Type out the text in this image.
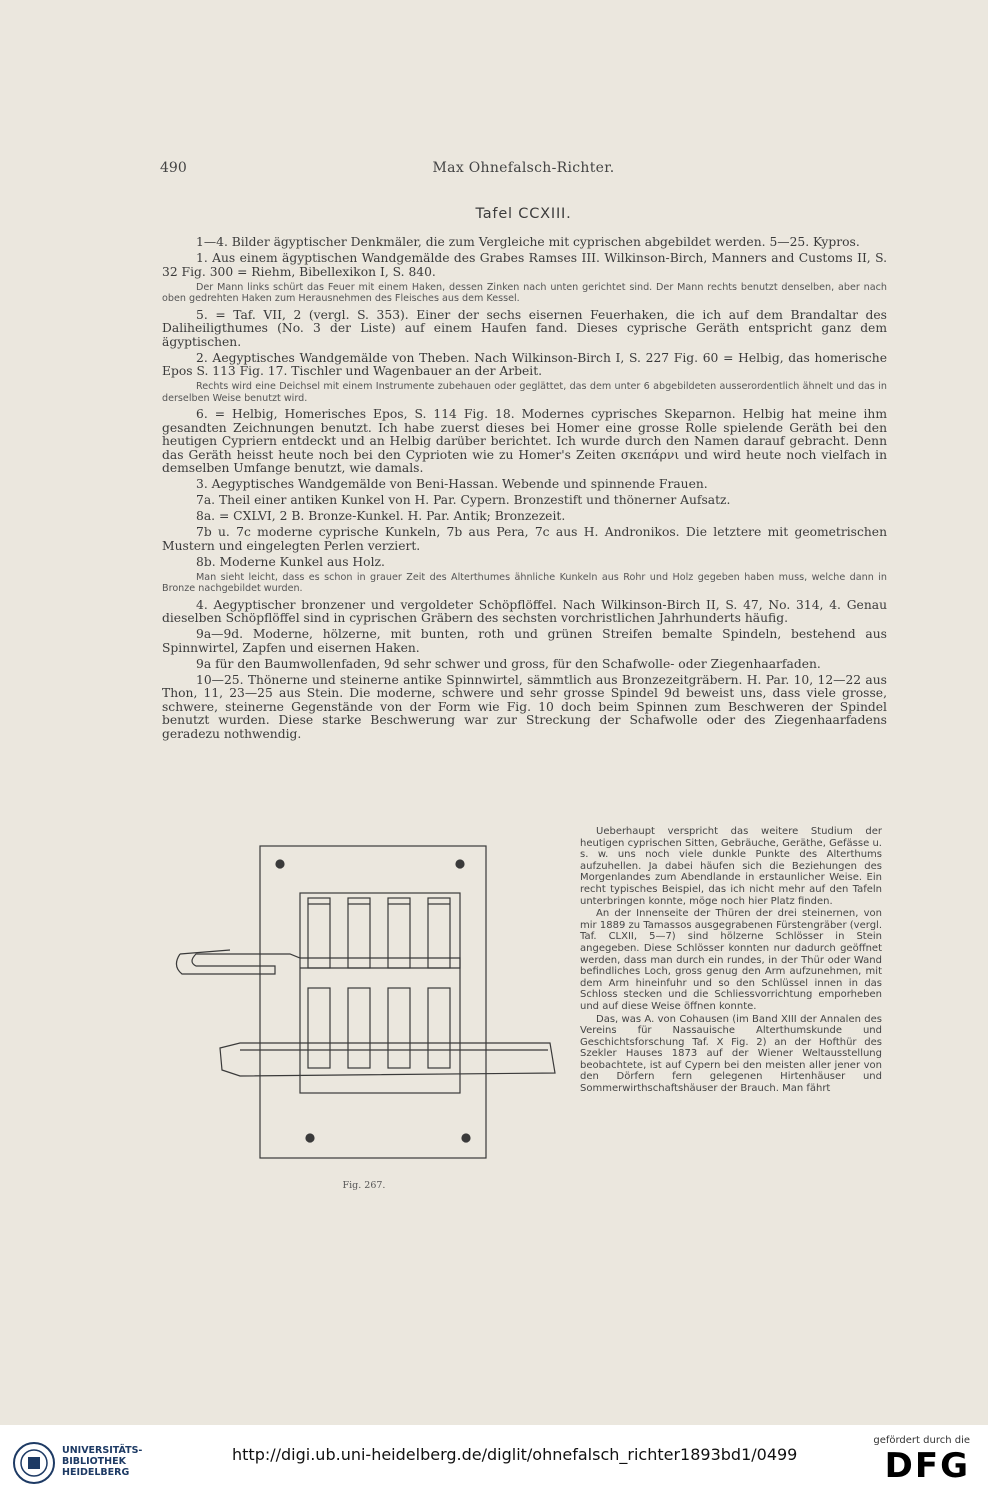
490	Max Ohnefalsch-Richter.
Tafel CCXIII.

1—4. Bilder ägyptischer Denkmäler, die zum Vergleiche mit cyprischen abgebildet werden. 5—25. Kypros.

1. Aus einem ägyptischen Wandgemälde des Grabes Ramses III. Wilkinson-Birch, Manners and Customs II, S. 32 Fig. 300 = Riehm, Bibellexikon I, S. 840.

Der Mann links schürt das Feuer mit einem Haken, dessen Zinken nach unten gerichtet sind. Der Mann rechts benutzt denselben, aber nach oben gedrehten Haken zum Herausnehmen des Fleisches aus dem Kessel.

5. = Taf. VII, 2 (vergl. S. 353). Einer der sechs eisernen Feuerhaken, die ich auf dem Brandaltar des Daliheiligthumes (No. 3 der Liste) auf einem Haufen fand. Dieses cyprische Geräth entspricht ganz dem ägyptischen.

2. Aegyptisches Wandgemälde von Theben. Nach Wilkinson-Birch I, S. 227 Fig. 60 = Helbig, das homerische Epos S. 113 Fig. 17. Tischler und Wagenbauer an der Arbeit.

Rechts wird eine Deichsel mit einem Instrumente zubehauen oder geglättet, das dem unter 6 abgebildeten ausserordentlich ähnelt und das in derselben Weise benutzt wird.

6. = Helbig, Homerisches Epos, S. 114 Fig. 18. Modernes cyprisches Skeparnon. Helbig hat meine ihm gesandten Zeichnungen benutzt. Ich habe zuerst dieses bei Homer eine grosse Rolle spielende Geräth bei den heutigen Cypriern entdeckt und an Helbig darüber berichtet. Ich wurde durch den Namen darauf gebracht. Denn das Geräth heisst heute noch bei den Cyprioten wie zu Homer's Zeiten σκεπάρνι und wird heute noch vielfach in demselben Umfange benutzt, wie damals.

3. Aegyptisches Wandgemälde von Beni-Hassan. Webende und spinnende Frauen.

7a. Theil einer antiken Kunkel von H. Par. Cypern. Bronzestift und thönerner Aufsatz.

8a. = CXLVI, 2 B. Bronze-Kunkel. H. Par. Antik; Bronzezeit.

7b u. 7c moderne cyprische Kunkeln, 7b aus Pera, 7c aus H. Andronikos. Die letztere mit geometrischen Mustern und eingelegten Perlen verziert.

8b. Moderne Kunkel aus Holz.

Man sieht leicht, dass es schon in grauer Zeit des Alterthumes ähnliche Kunkeln aus Rohr und Holz gegeben haben muss, welche dann in Bronze nachgebildet wurden.

4. Aegyptischer bronzener und vergoldeter Schöpflöffel. Nach Wilkinson-Birch II, S. 47, No. 314, 4. Genau dieselben Schöpflöffel sind in cyprischen Gräbern des sechsten vorchristlichen Jahrhunderts häufig.

9a—9d. Moderne, hölzerne, mit bunten, roth und grünen Streifen bemalte Spindeln, bestehend aus Spinnwirtel, Zapfen und eisernen Haken.

9a für den Baumwollenfaden, 9d sehr schwer und gross, für den Schafwolle- oder Ziegenhaarfaden.

10—25. Thönerne und steinerne antike Spinnwirtel, sämmtlich aus Bronzezeitgräbern. H. Par. 10, 12—22 aus Thon, 11, 23—25 aus Stein. Die moderne, schwere und sehr grosse Spindel 9d beweist uns, dass viele grosse, schwere, steinerne Gegenstände von der Form wie Fig. 10 doch beim Spinnen zum Beschweren der Spindel benutzt wurden. Diese starke Beschwerung war zur Streckung der Schafwolle oder des Ziegenhaarfadens geradezu nothwendig.

Fig. 267.

Ueberhaupt verspricht das weitere Studium der heutigen cyprischen Sitten, Gebräuche, Geräthe, Gefässe u. s. w. uns noch viele dunkle Punkte des Alterthums aufzuhellen. Ja dabei häufen sich die Beziehungen des Morgenlandes zum Abendlande in erstaunlicher Weise. Ein recht typisches Beispiel, das ich nicht mehr auf den Tafeln unterbringen konnte, möge noch hier Platz finden.

An der Innenseite der Thüren der drei steinernen, von mir 1889 zu Tamassos ausgegrabenen Fürstengräber (vergl. Taf. CLXII, 5—7) sind hölzerne Schlösser in Stein angegeben. Diese Schlösser konnten nur dadurch geöffnet werden, dass man durch ein rundes, in der Thür oder Wand befindliches Loch, gross genug den Arm aufzunehmen, mit dem Arm hineinfuhr und so den Schlüssel innen in das Schloss stecken und die Schliessvorrichtung emporheben und auf diese Weise öffnen konnte.

Das, was A. von Cohausen (im Band XIII der Annalen des Vereins für Nassauische Alterthumskunde und Geschichtsforschung Taf. X Fig. 2) an der Hofthür des Szekler Hauses 1873 auf der Wiener Weltausstellung beobachtete, ist auf Cypern bei den meisten aller jener von den Dörfern fern gelegenen Hirtenhäuser und Sommerwirthschaftshäuser der Brauch. Man fährt

UNIVERSITÄTS-
BIBLIOTHEK
HEIDELBERG
http://digi.ub.uni-heidelberg.de/diglit/ohnefalsch_richter1893bd1/0499
gefördert durch die
DFG
